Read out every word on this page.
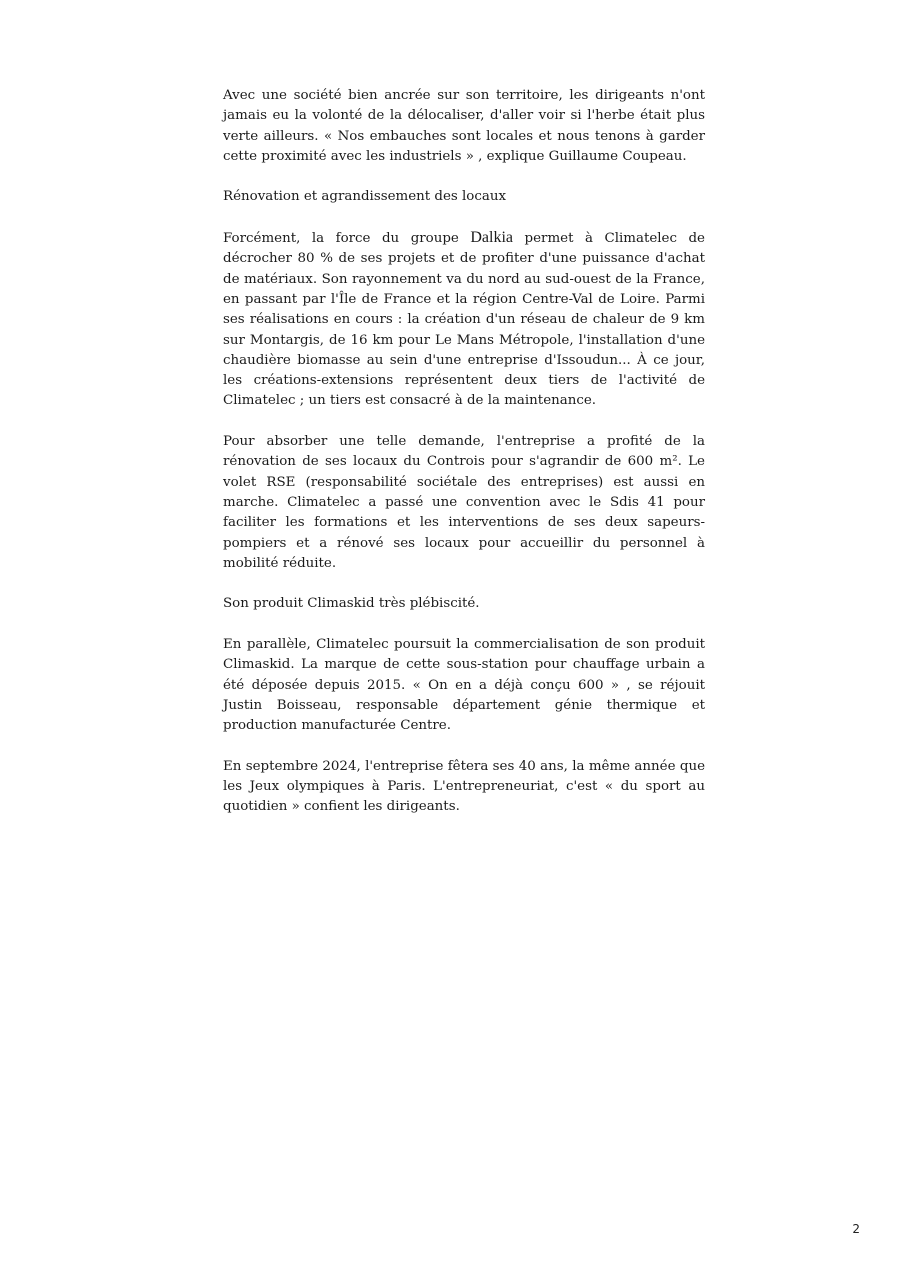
Avec une société bien ancrée sur son territoire, les dirigeants n'ont jamais eu la volonté de la délocaliser, d'aller voir si l'herbe était plus verte ailleurs. « Nos embauches sont locales et nous tenons à garder cette proximité avec les industriels » , explique Guillaume Coupeau.

Rénovation et agrandissement des locaux

Forcément, la force du groupe Dalkia permet à Climatelec de décrocher 80 % de ses projets et de profiter d'une puissance d'achat de matériaux. Son rayonnement va du nord au sud-ouest de la France, en passant par l'Île de France et la région Centre-Val de Loire. Parmi ses réalisations en cours : la création d'un réseau de chaleur de 9 km sur Montargis, de 16 km pour Le Mans Métropole, l'installation d'une chaudière biomasse au sein d'une entreprise d'Issoudun... À ce jour, les créations-extensions représentent deux tiers de l'activité de Climatelec ; un tiers est consacré à de la maintenance.

Pour absorber une telle demande, l'entreprise a profité de la rénovation de ses locaux du Controis pour s'agrandir de 600 m². Le volet RSE (responsabilité sociétale des entreprises) est aussi en marche. Climatelec a passé une convention avec le Sdis 41 pour faciliter les formations et les interventions de ses deux sapeurs-pompiers et a rénové ses locaux pour accueillir du personnel à mobilité réduite.

Son produit Climaskid très plébiscité.

En parallèle, Climatelec poursuit la commercialisation de son produit Climaskid. La marque de cette sous-station pour chauffage urbain a été déposée depuis 2015. « On en a déjà conçu 600 » , se réjouit Justin Boisseau, responsable département génie thermique et production manufacturée Centre.

En septembre 2024, l'entreprise fêtera ses 40 ans, la même année que les Jeux olympiques à Paris. L'entrepreneuriat, c'est « du sport au quotidien » confient les dirigeants.

2
